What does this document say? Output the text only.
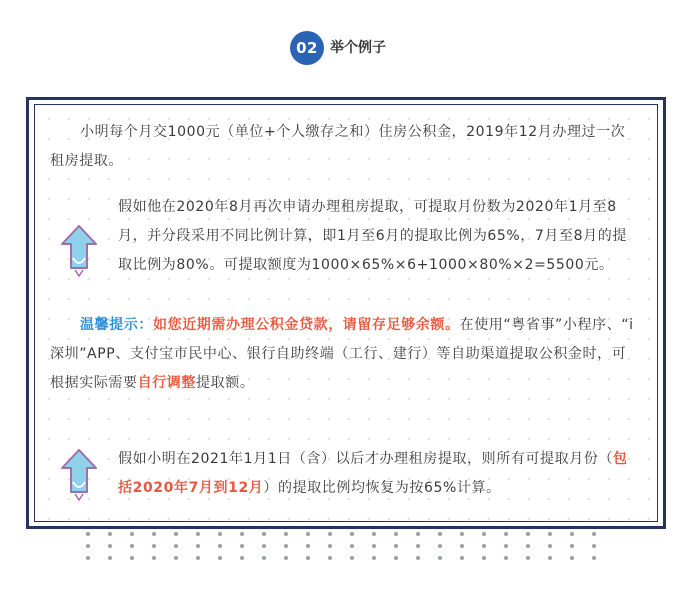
02 举个例子

小明每个月交1000元（单位+个人缴存之和）住房公积金，2019年12月办理过一次租房提取。

假如他在2020年8月再次申请办理租房提取，可提取月份数为2020年1月至8月，并分段采用不同比例计算，即1月至6月的提取比例为65%，7月至8月的提取比例为80%。可提取额度为1000×65%×6+1000×80%×2=5500元。

温馨提示：如您近期需办理公积金贷款，请留存足够余额。在使用“粤省事”小程序、“i深圳”APP、支付宝市民中心、银行自助终端（工行、建行）等自助渠道提取公积金时，可根据实际需要自行调整提取额。

假如小明在2021年1月1日（含）以后才办理租房提取，则所有可提取月份（包括2020年7月到12月）的提取比例均恢复为按65%计算。
